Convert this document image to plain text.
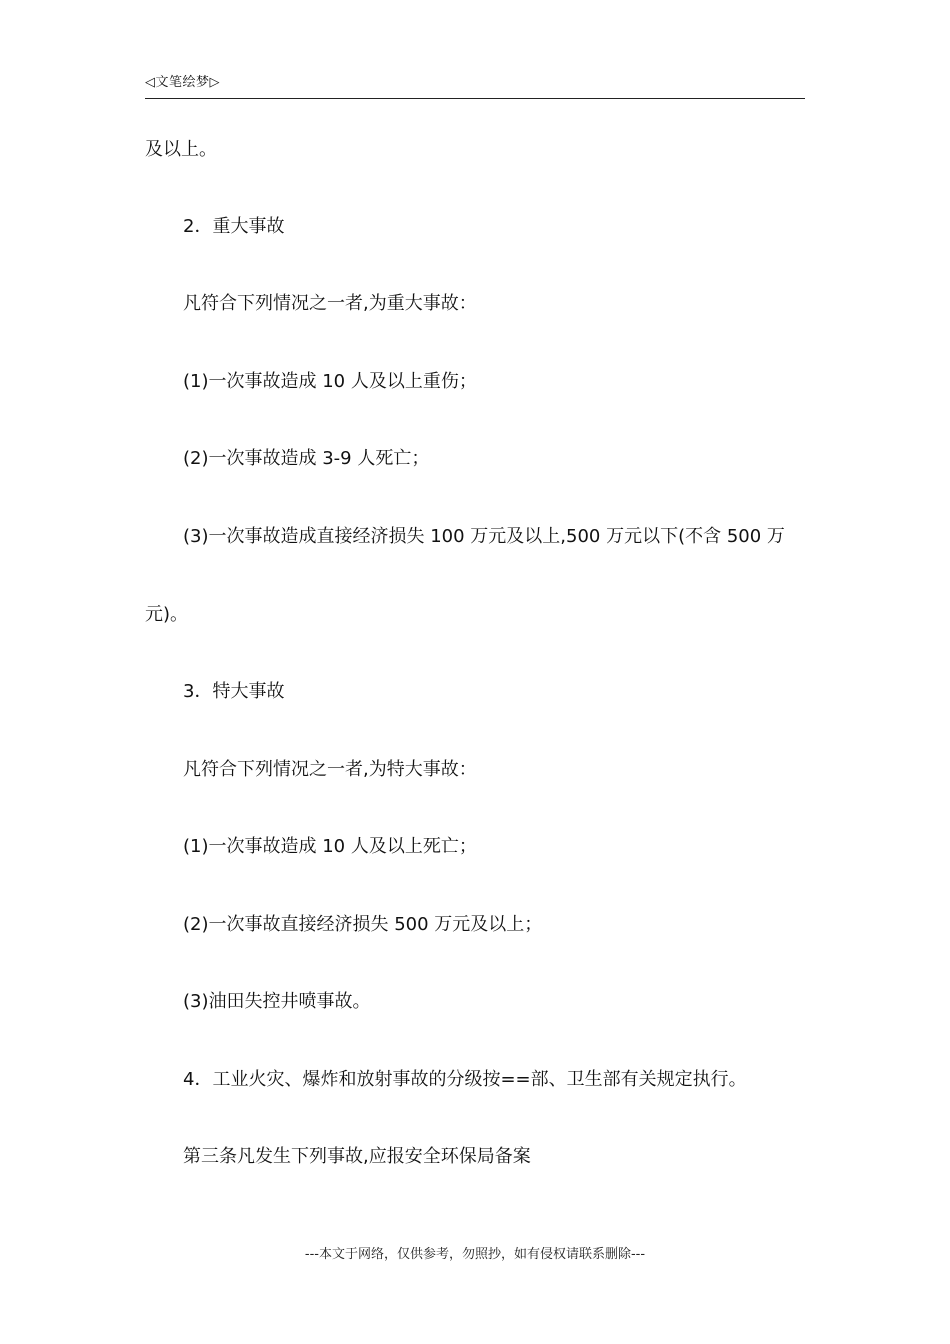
◁文笔绘梦▷
及以上。
2．重大事故
凡符合下列情况之一者,为重大事故：
(1)一次事故造成 10 人及以上重伤；
(2)一次事故造成 3-9 人死亡；
(3)一次事故造成直接经济损失 100 万元及以上,500 万元以下(不含 500 万
元)。
3．特大事故
凡符合下列情况之一者,为特大事故：
(1)一次事故造成 10 人及以上死亡；
(2)一次事故直接经济损失 500 万元及以上；
(3)油田失控井喷事故。
4．工业火灾、爆炸和放射事故的分级按==部、卫生部有关规定执行。
第三条凡发生下列事故,应报安全环保局备案
---本文于网络，仅供参考，勿照抄，如有侵权请联系删除---
